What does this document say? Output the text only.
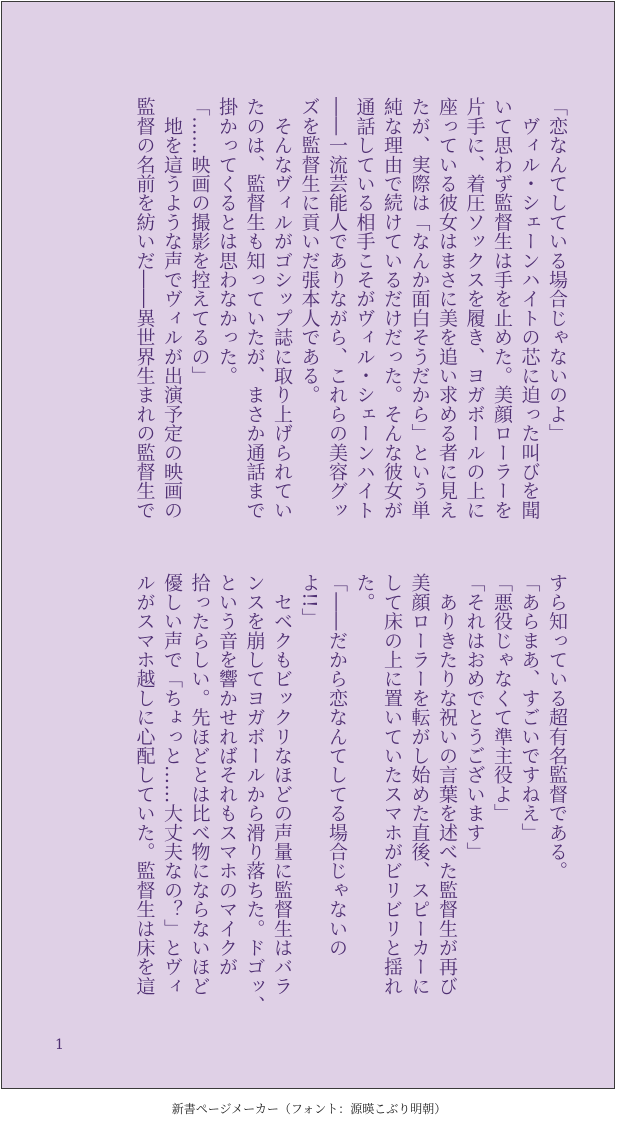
「恋なんてしている場合じゃないのよ」
　ヴィル・シェーンハイトの芯に迫った叫びを聞
いて思わず監督生は手を止めた。美顔ローラーを
片手に、着圧ソックスを履き、ヨガボールの上に
座っている彼女はまさに美を追い求める者に見え
たが、実際は「なんか面白そうだから」という単
純な理由で続けているだけだった。そんな彼女が
通話している相手こそがヴィル・シェーンハイト
――一流芸能人でありながら、これらの美容グッ
ズを監督生に貢いだ張本人である。
　そんなヴィルがゴシップ誌に取り上げられてい
たのは、監督生も知っていたが、まさか通話まで
掛かってくるとは思わなかった。
「……映画の撮影を控えてるの」
　地を這うような声でヴィルが出演予定の映画の
監督の名前を紡いだ――異世界生まれの監督生で
すら知っている超有名監督である。
「あらまあ、すごいですねえ」
「悪役じゃなくて準主役よ」
「それはおめでとうございます」
　ありきたりな祝いの言葉を述べた監督生が再び
美顔ローラーを転がし始めた直後、スピーカーに
して床の上に置いていたスマホがビリビリと揺れ
た。
「――だから恋なんてしてる場合じゃないの
よ!!」
　セベクもビックリなほどの声量に監督生はバラ
ンスを崩してヨガボールから滑り落ちた。ドゴッ、
という音を響かせればそれもスマホのマイクが
拾ったらしい。先ほどとは比べ物にならないほど
優しい声で「ちょっと……大丈夫なの？」とヴィ
ルがスマホ越しに心配していた。監督生は床を這
1
新書ページメーカー（フォント：源暎こぶり明朝）
